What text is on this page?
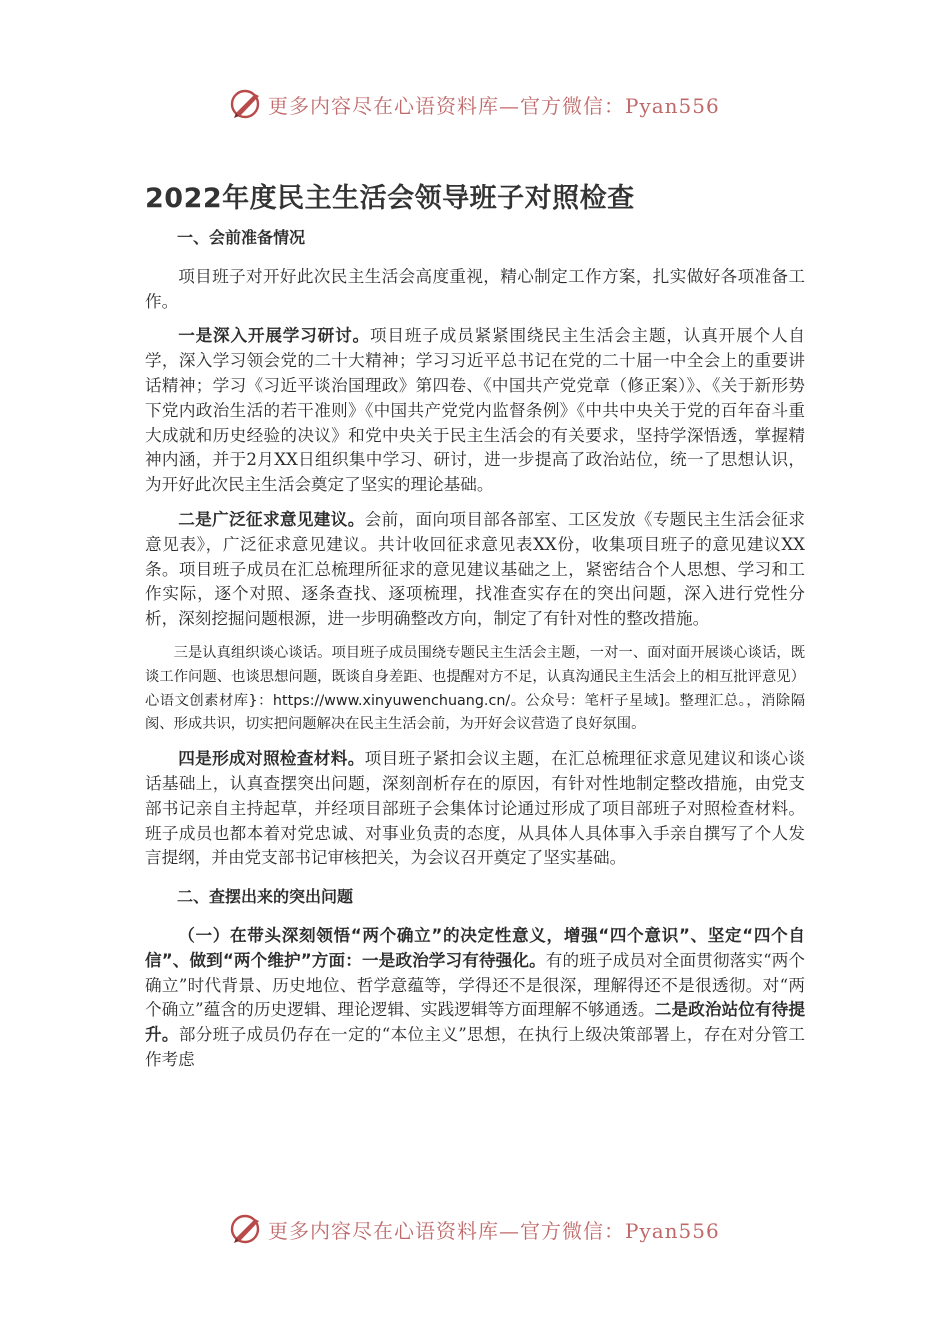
更多内容尽在心语资料库—官方微信：Pyan556
2022年度民主生活会领导班子对照检查

一、会前准备情况

项目班子对开好此次民主生活会高度重视，精心制定工作方案，扎实做好各项准备工作。

一是深入开展学习研讨。项目班子成员紧紧围绕民主生活会主题，认真开展个人自学，深入学习领会党的二十大精神；学习习近平总书记在党的二十届一中全会上的重要讲话精神；学习《习近平谈治国理政》第四卷、《中国共产党党章（修正案）》、《关于新形势下党内政治生活的若干准则》《中国共产党党内监督条例》《中共中央关于党的百年奋斗重大成就和历史经验的决议》和党中央关于民主生活会的有关要求，坚持学深悟透，掌握精神内涵，并于2月XX日组织集中学习、研讨，进一步提高了政治站位，统一了思想认识，为开好此次民主生活会奠定了坚实的理论基础。

二是广泛征求意见建议。会前，面向项目部各部室、工区发放《专题民主生活会征求意见表》，广泛征求意见建议。共计收回征求意见表XX份，收集项目班子的意见建议XX条。项目班子成员在汇总梳理所征求的意见建议基础之上，紧密结合个人思想、学习和工作实际，逐个对照、逐条查找、逐项梳理，找准查实存在的突出问题，深入进行党性分析，深刻挖掘问题根源，进一步明确整改方向，制定了有针对性的整改措施。

三是认真组织谈心谈话。项目班子成员围绕专题民主生活会主题，一对一、面对面开展谈心谈话，既谈工作问题、也谈思想问题，既谈自身差距、也提醒对方不足，认真沟通民主生活会上的相互批评意见）心语文创素材库}：https://www.xinyuwenchuang.cn/。公众号：笔杆子星域]。整理汇总。，消除隔阂、形成共识，切实把问题解决在民主生活会前，为开好会议营造了良好氛围。

四是形成对照检查材料。项目班子紧扣会议主题，在汇总梳理征求意见建议和谈心谈话基础上，认真查摆突出问题，深刻剖析存在的原因，有针对性地制定整改措施，由党支部书记亲自主持起草，并经项目部班子会集体讨论通过形成了项目部班子对照检查材料。班子成员也都本着对党忠诚、对事业负责的态度，从具体人具体事入手亲自撰写了个人发言提纲，并由党支部书记审核把关，为会议召开奠定了坚实基础。

二、查摆出来的突出问题

（一）在带头深刻领悟“两个确立”的决定性意义，增强“四个意识”、坚定“四个自信”、做到“两个维护”方面：一是政治学习有待强化。有的班子成员对全面贯彻落实“两个确立”时代背景、历史地位、哲学意蕴等，学得还不是很深，理解得还不是很透彻。对“两个确立”蕴含的历史逻辑、理论逻辑、实践逻辑等方面理解不够通透。二是政治站位有待提升。部分班子成员仍存在一定的“本位主义”思想，在执行上级决策部署上，存在对分管工作考虑

更多内容尽在心语资料库—官方微信：Pyan556
